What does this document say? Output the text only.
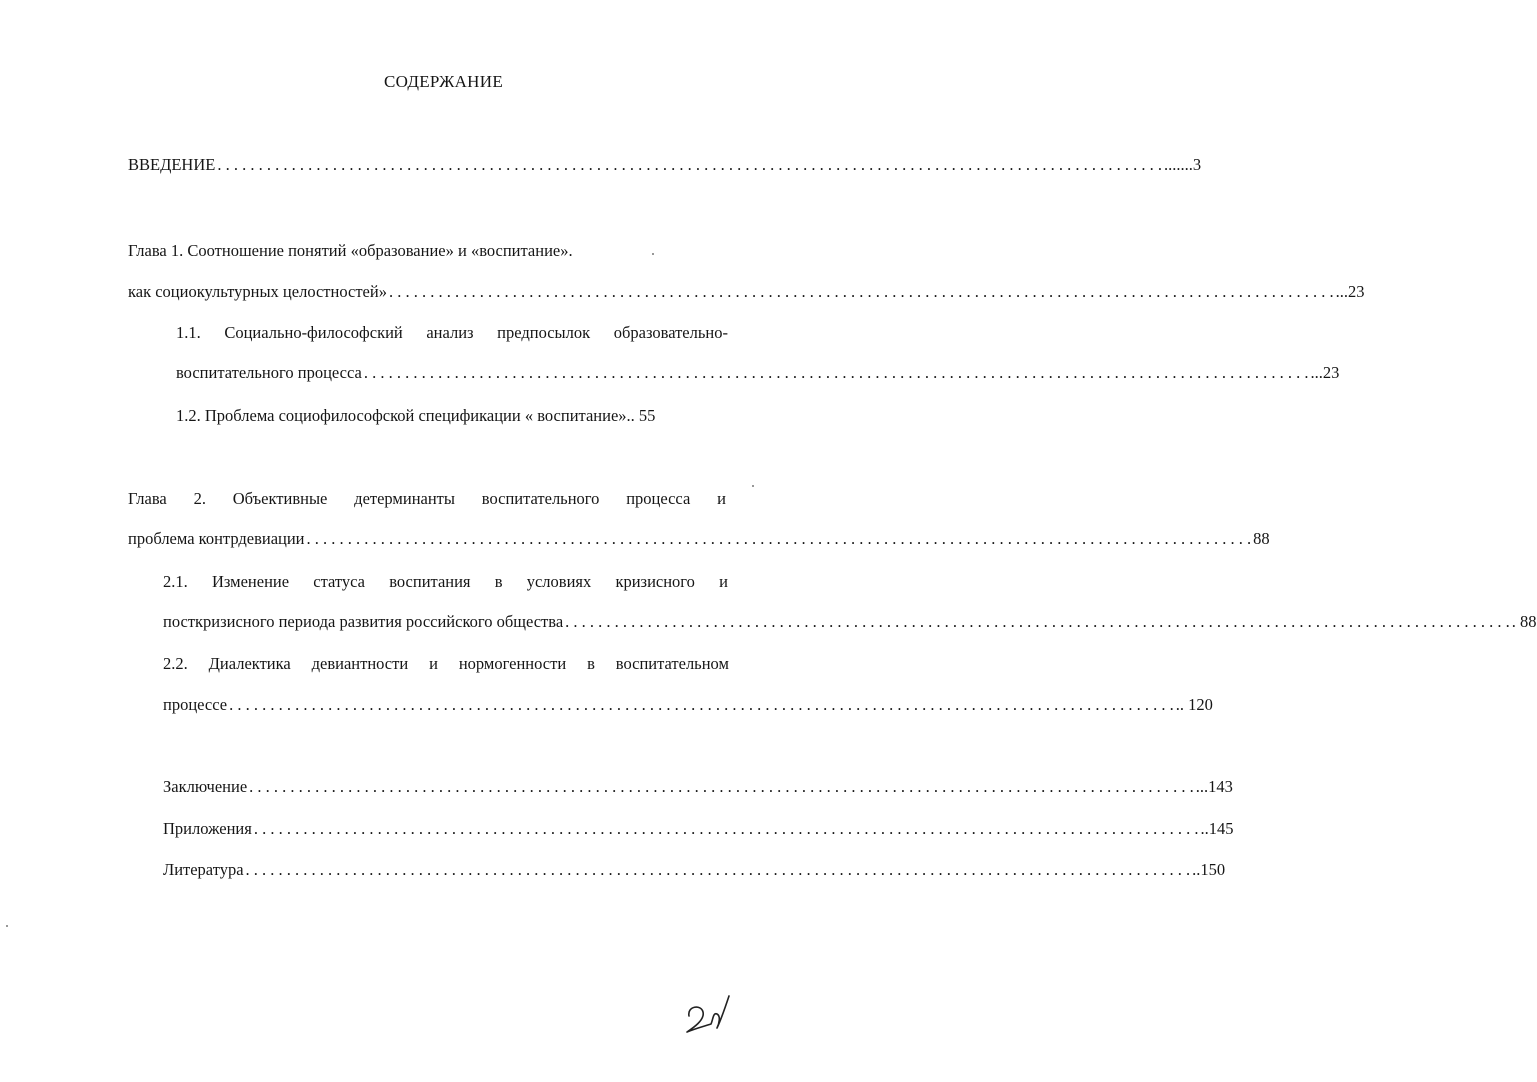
СОДЕРЖАНИЕ
ВВЕДЕНИЕ . . .	.......3
Глава 1. Соотношение понятий «образование» и «воспитание».
как социокультурных целостностей» . . .	...23
1.1. Социально-философский анализ предпосылок образовательно-
воспитательного процесса . . .	...23
1.2. Проблема социофилософской спецификации « воспитание».. 55
Глава 2. Объективные детерминанты воспитательного процесса и
проблема контрдевиации . . .	88
2.1. Изменение статуса воспитания в условиях кризисного и
посткризисного периода развития российского общества . . .	. 88
2.2. Диалектика девиантности и нормогенности в воспитательном
процессе . . .	.. 120
Заключение . . .	...143
Приложения . . .	..145
Литература . . .	..150
2
